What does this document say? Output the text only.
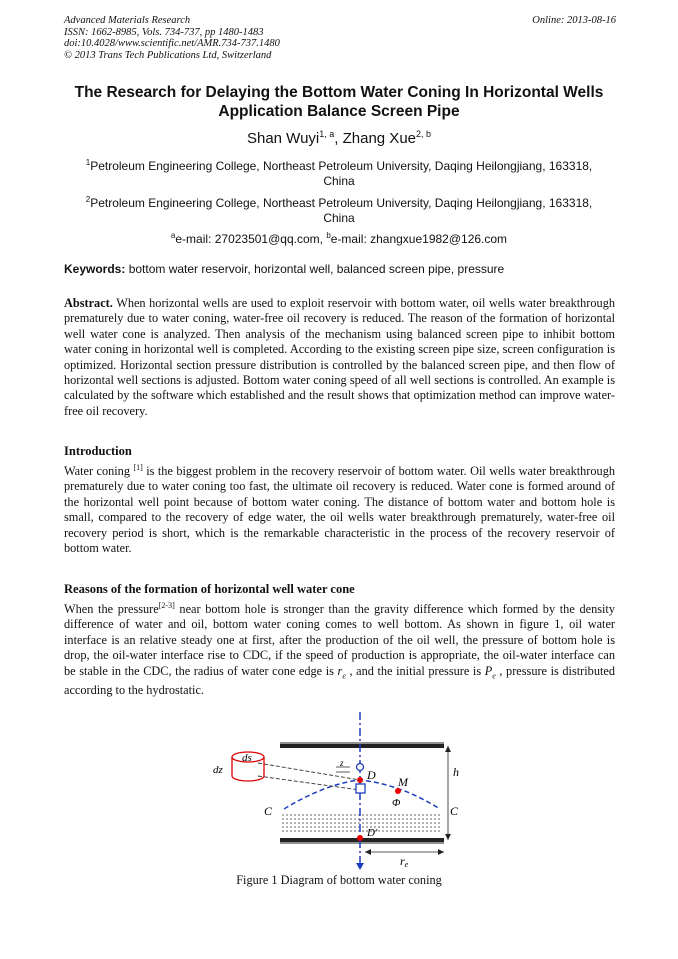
Advanced Materials Research
ISSN: 1662-8985, Vols. 734-737, pp 1480-1483
doi:10.4028/www.scientific.net/AMR.734-737.1480
© 2013 Trans Tech Publications Ltd, Switzerland
Online: 2013-08-16
The Research for Delaying the Bottom Water Coning In Horizontal Wells
Application Balance Screen Pipe
Shan Wuyi$^{1, a}$, Zhang Xue$^{2, b}$
$^1$Petroleum Engineering College, Northeast Petroleum University, Daqing Heilongjiang, 163318,
China
$^2$Petroleum Engineering College, Northeast Petroleum University, Daqing Heilongjiang, 163318,
China
$^a$e-mail: 27023501@qq.com, $^b$e-mail: zhangxue1982@126.com
Keywords: bottom water reservoir, horizontal well, balanced screen pipe, pressure
Abstract. When horizontal wells are used to exploit reservoir with bottom water, oil wells water breakthrough prematurely due to water coning, water-free oil recovery is reduced. The reason of the formation of horizontal well water cone is analyzed. Then analysis of the mechanism using balanced screen pipe to inhibit bottom water coning in horizontal well is completed. According to the existing screen pipe size, screen configuration is optimized. Horizontal section pressure distribution is controlled by the balanced screen pipe, and then flow of horizontal well sections is adjusted. Bottom water coning speed of all well sections is controlled. An example is calculated by the software which established and the result shows that optimization method can improve water-free oil recovery.
Introduction
Water coning [1] is the biggest problem in the recovery reservoir of bottom water. Oil wells water breakthrough prematurely due to water coning too fast, the ultimate oil recovery is reduced. Water cone is formed around of the horizontal well point because of bottom water coning. The distance of bottom water and bottom hole is small, compared to the recovery of edge water, the oil wells water breakthrough prematurely, water-free oil recovery period is short, which is the remarkable characteristic in the process of the recovery reservoir of bottom water.
Reasons of the formation of horizontal well water cone
When the pressure[2-3] near bottom hole is stronger than the gravity difference which formed by the density difference of water and oil, bottom water coning comes to well bottom. As shown in figure 1, oil water interface is an relative steady one at first, after the production of the oil well, the pressure of bottom hole is drop, the oil-water interface rise to CDC, if the speed of production is appropriate, the oil-water interface can be stable in the CDC, the radius of water cone edge is $r_e$ , and the initial pressure is $P_e$ , pressure is distributed according to the hydrostatic.
ds
dz
z
D M
Φ
C	C
D′
h
re
Figure 1 Diagram of bottom water coning
